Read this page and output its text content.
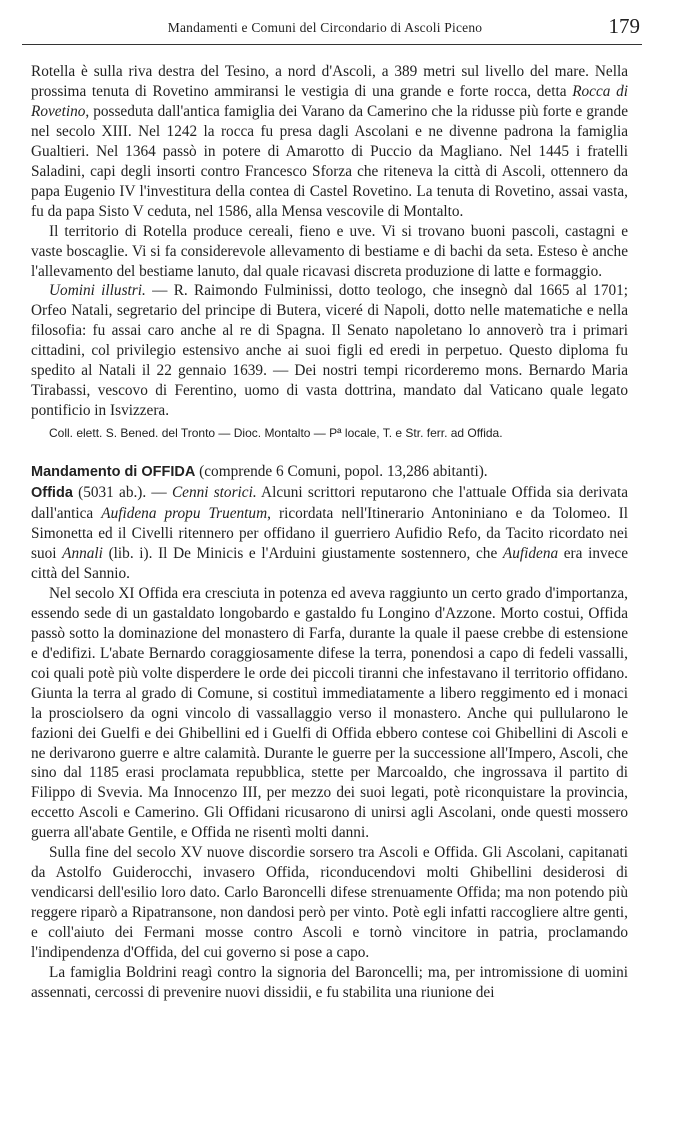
Mandamenti e Comuni del Circondario di Ascoli Piceno	179

Rotella è sulla riva destra del Tesino, a nord d'Ascoli, a 389 metri sul livello del mare. Nella prossima tenuta di Rovetino ammiransi le vestigia di una grande e forte rocca, detta Rocca di Rovetino, posseduta dall'antica famiglia dei Varano da Camerino che la ridusse più forte e grande nel secolo XIII. Nel 1242 la rocca fu presa dagli Ascolani e ne divenne padrona la famiglia Gualtieri. Nel 1364 passò in potere di Amarotto di Puccio da Magliano. Nel 1445 i fratelli Saladini, capi degli insorti contro Francesco Sforza che riteneva la città di Ascoli, ottennero da papa Eugenio IV l'investitura della contea di Castel Rovetino. La tenuta di Rovetino, assai vasta, fu da papa Sisto V ceduta, nel 1586, alla Mensa vescovile di Montalto.

Il territorio di Rotella produce cereali, fieno e uve. Vi si trovano buoni pascoli, castagni e vaste boscaglie. Vi si fa considerevole allevamento di bestiame e di bachi da seta. Esteso è anche l'allevamento del bestiame lanuto, dal quale ricavasi discreta produzione di latte e formaggio.

Uomini illustri. — R. Raimondo Fulminissi, dotto teologo, che insegnò dal 1665 al 1701; Orfeo Natali, segretario del principe di Butera, viceré di Napoli, dotto nelle matematiche e nella filosofia: fu assai caro anche al re di Spagna. Il Senato napoletano lo annoverò tra i primari cittadini, col privilegio estensivo anche ai suoi figli ed eredi in perpetuo. Questo diploma fu spedito al Natali il 22 gennaio 1639. — Dei nostri tempi ricorderemo mons. Bernardo Maria Tirabassi, vescovo di Ferentino, uomo di vasta dottrina, mandato dal Vaticano quale legato pontificio in Isvizzera.

Coll. elett. S. Bened. del Tronto — Dioc. Montalto — Pª locale, T. e Str. ferr. ad Offida.

Mandamento di OFFIDA (comprende 6 Comuni, popol. 13,286 abitanti).

Offida (5031 ab.). — Cenni storici. Alcuni scrittori reputarono che l'attuale Offida sia derivata dall'antica Aufidena propu Truentum, ricordata nell'Itinerario Antoniniano e da Tolomeo. Il Simonetta ed il Civelli ritennero per offidano il guerriero Aufidio Refo, da Tacito ricordato nei suoi Annali (lib. i). Il De Minicis e l'Arduini giustamente sostennero, che Aufidena era invece città del Sannio.

Nel secolo XI Offida era cresciuta in potenza ed aveva raggiunto un certo grado d'importanza, essendo sede di un gastaldato longobardo e gastaldo fu Longino d'Azzone. Morto costui, Offida passò sotto la dominazione del monastero di Farfa, durante la quale il paese crebbe di estensione e d'edifizi. L'abate Bernardo coraggiosamente difese la terra, ponendosi a capo di fedeli vassalli, coi quali potè più volte disperdere le orde dei piccoli tiranni che infestavano il territorio offidano. Giunta la terra al grado di Comune, si costituì immediatamente a libero reggimento ed i monaci la prosciolsero da ogni vincolo di vassallaggio verso il monastero. Anche qui pullularono le fazioni dei Guelfi e dei Ghibellini ed i Guelfi di Offida ebbero contese coi Ghibellini di Ascoli e ne derivarono guerre e altre calamità. Durante le guerre per la successione all'Impero, Ascoli, che sino dal 1185 erasi proclamata repubblica, stette per Marcoaldo, che ingrossava il partito di Filippo di Svevia. Ma Innocenzo III, per mezzo dei suoi legati, potè riconquistare la provincia, eccetto Ascoli e Camerino. Gli Offidani ricusarono di unirsi agli Ascolani, onde questi mossero guerra all'abate Gentile, e Offida ne risentì molti danni.

Sulla fine del secolo XV nuove discordie sorsero tra Ascoli e Offida. Gli Ascolani, capitanati da Astolfo Guiderocchi, invasero Offida, riconducendovi molti Ghibellini desiderosi di vendicarsi dell'esilio loro dato. Carlo Baroncelli difese strenuamente Offida; ma non potendo più reggere riparò a Ripatransone, non dandosi però per vinto. Potè egli infatti raccogliere altre genti, e coll'aiuto dei Fermani mosse contro Ascoli e tornò vincitore in patria, proclamando l'indipendenza d'Offida, del cui governo si pose a capo.

La famiglia Boldrini reagì contro la signoria del Baroncelli; ma, per intromissione di uomini assennati, cercossi di prevenire nuovi dissidii, e fu stabilita una riunione dei
